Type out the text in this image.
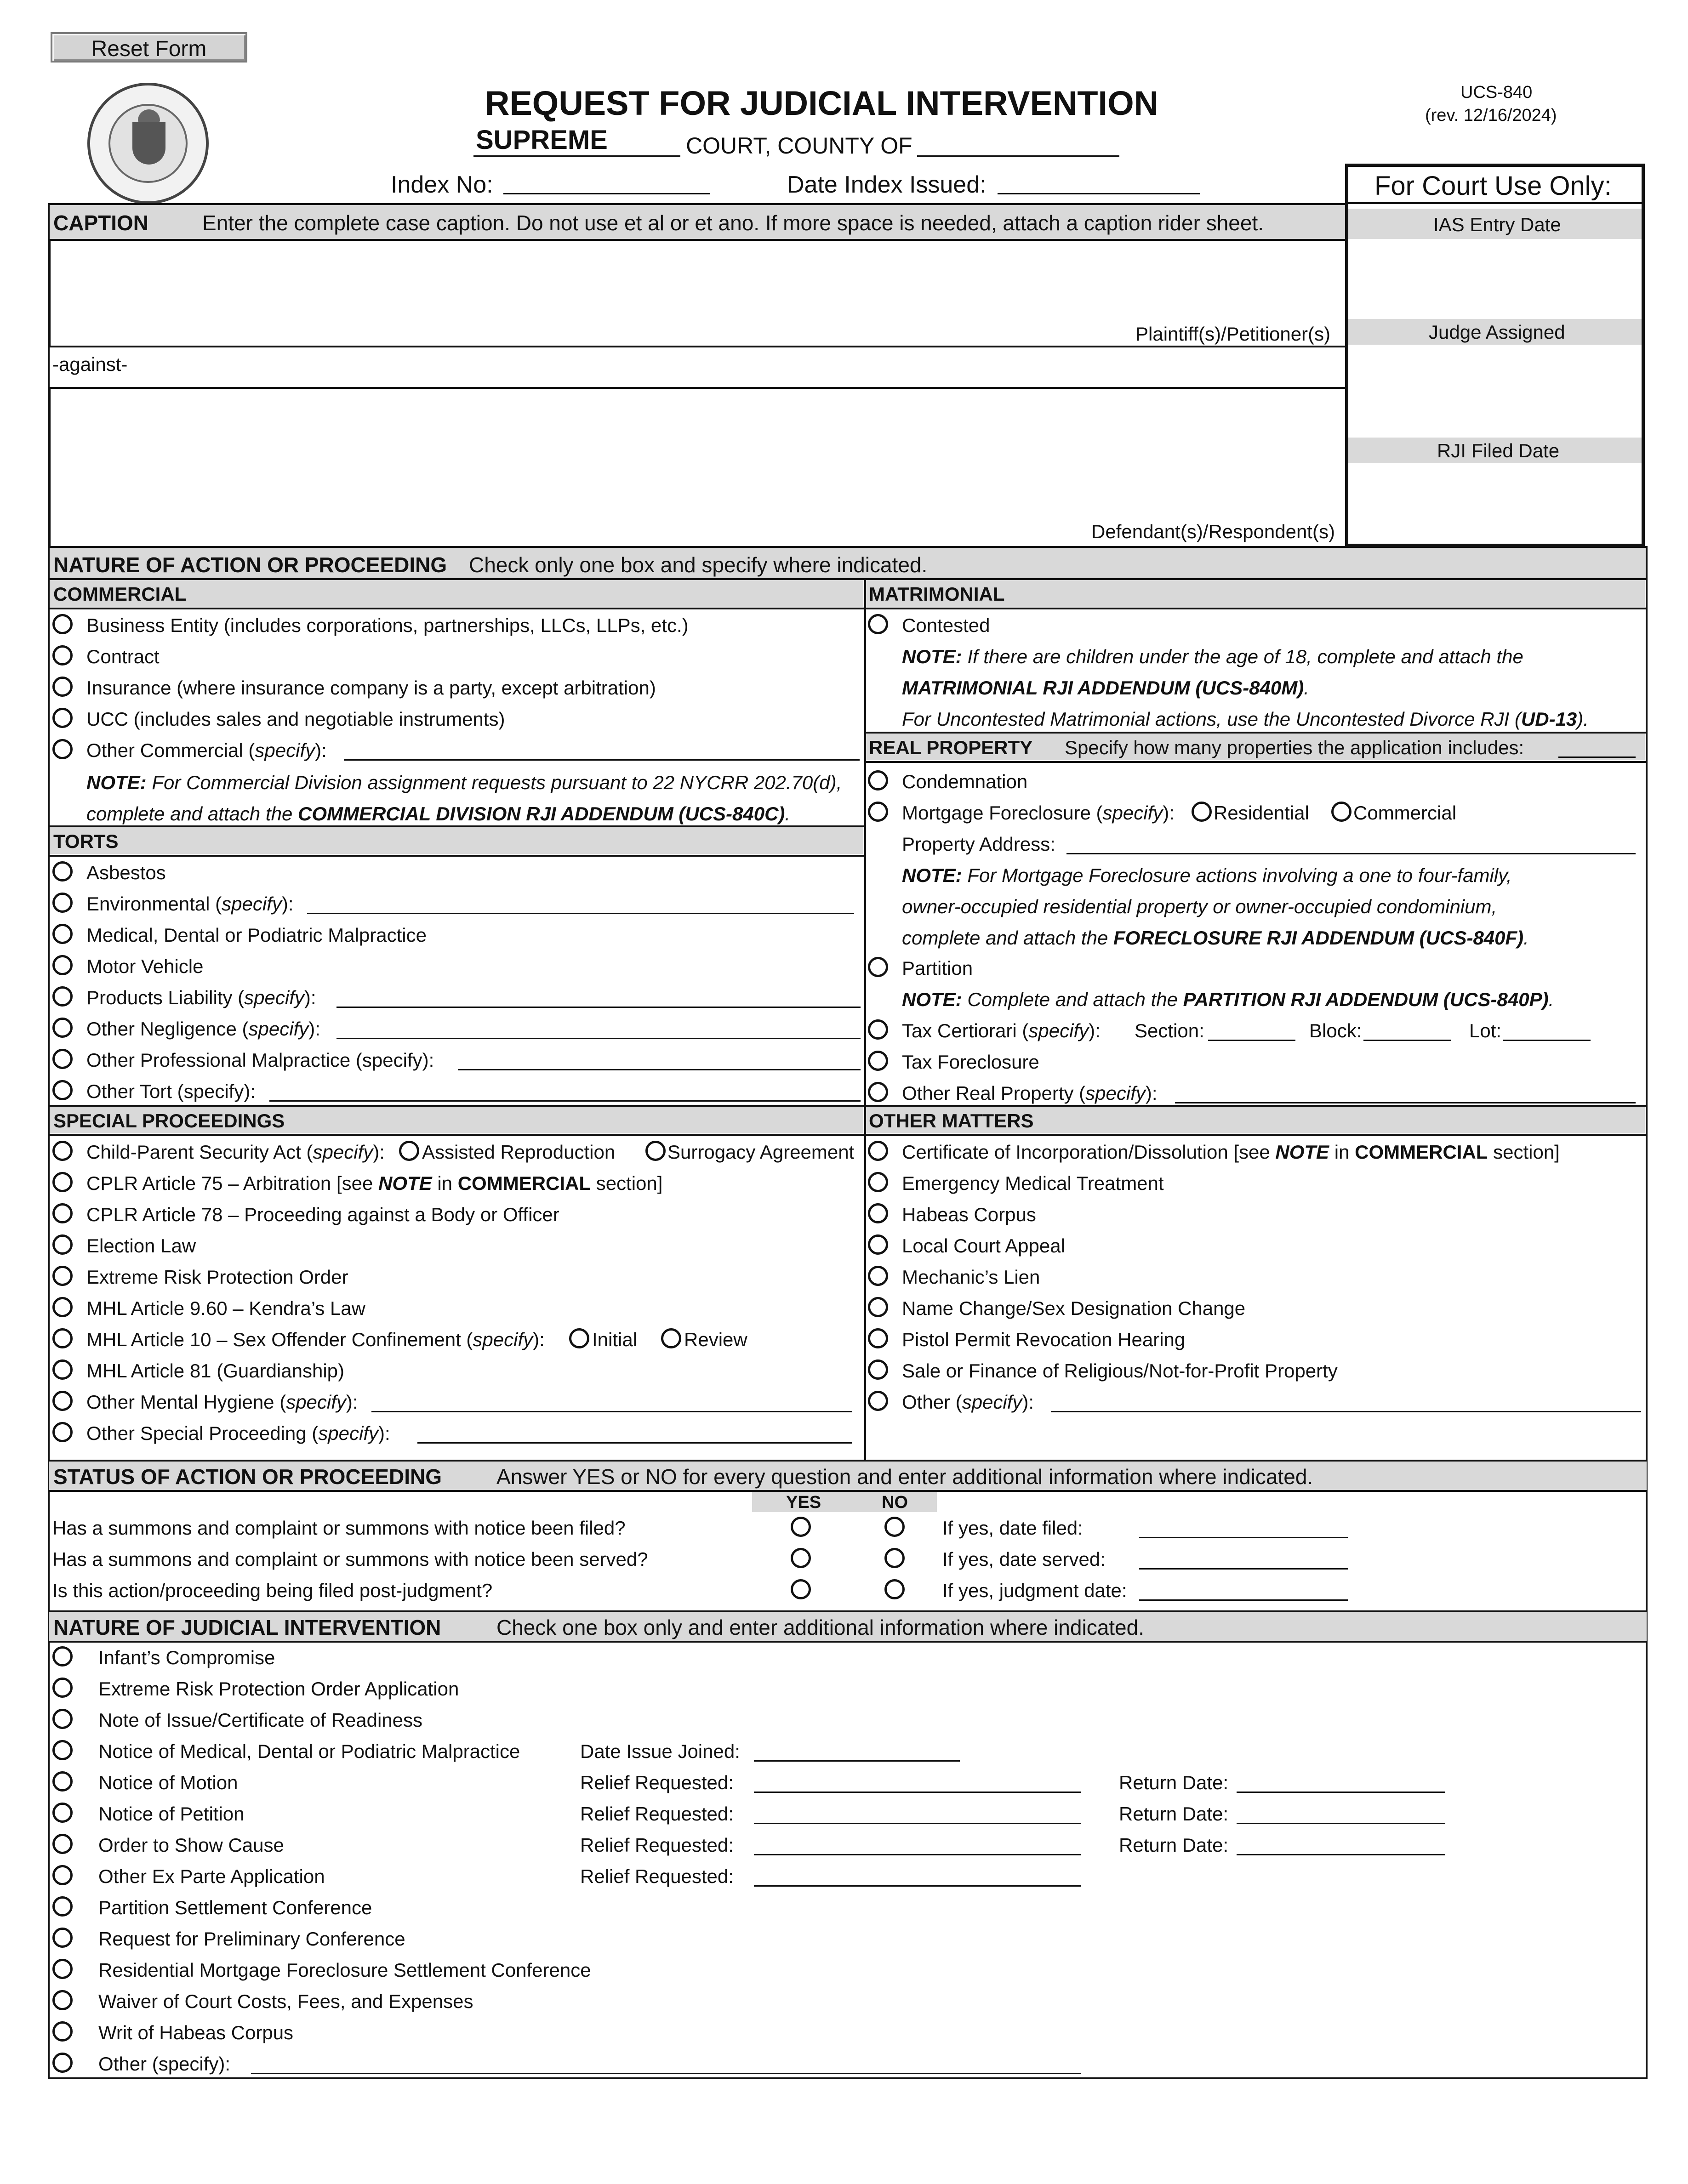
Reset Form
REQUEST FOR JUDICIAL INTERVENTION	UCS-840
(rev. 12/16/2024)
SUPREME	COURT, COUNTY OF
Index No:	Date Index Issued:	For Court Use Only:
IAS Entry Date
Judge Assigned
RJI Filed Date
CAPTION	Enter the complete case caption. Do not use et al or et ano. If more space is needed, attach a caption rider sheet.
Plaintiff(s)/Petitioner(s)
-against-
Defendant(s)/Respondent(s)
NATURE OF ACTION OR PROCEEDING Check only one box and specify where indicated.
COMMERCIAL	MATRIMONIAL
Business Entity (includes corporations, partnerships, LLCs, LLPs, etc.)
Contract
Insurance (where insurance company is a party, except arbitration)
UCC (includes sales and negotiable instruments)
Other Commercial (specify):
NOTE: For Commercial Division assignment requests pursuant to 22 NYCRR 202.70(d),
complete and attach the COMMERCIAL DIVISION RJI ADDENDUM (UCS-840C).
TORTS
Asbestos
Environmental (specify):
Medical, Dental or Podiatric Malpractice
Motor Vehicle
Products Liability (specify):
Other Negligence (specify):
Other Professional Malpractice (specify):
Other Tort (specify):
SPECIAL PROCEEDINGS
Child-Parent Security Act (specify): Assisted Reproduction	Surrogacy Agreement
CPLR Article 75 – Arbitration [see NOTE in COMMERCIAL section]
CPLR Article 78 – Proceeding against a Body or Officer
Election Law
Extreme Risk Protection Order
MHL Article 9.60 – Kendra’s Law
MHL Article 10 – Sex Offender Confinement (specify): Initial Review
MHL Article 81 (Guardianship)
Other Mental Hygiene (specify):
Other Special Proceeding (specify):
Contested
NOTE: If there are children under the age of 18, complete and attach the
MATRIMONIAL RJI ADDENDUM (UCS-840M).
For Uncontested Matrimonial actions, use the Uncontested Divorce RJI (UD-13).
REAL PROPERTY Specify how many properties the application includes:
Condemnation
Mortgage Foreclosure (specify): Residential Commercial
Property Address:
NOTE: For Mortgage Foreclosure actions involving a one to four-family,
owner-occupied residential property or owner-occupied condominium,
complete and attach the FORECLOSURE RJI ADDENDUM (UCS-840F).
Partition
NOTE: Complete and attach the PARTITION RJI ADDENDUM (UCS-840P).
Tax Certiorari (specify): Section:	Block:	Lot:
Tax Foreclosure
Other Real Property (specify):
OTHER MATTERS
Certificate of Incorporation/Dissolution [see NOTE in COMMERCIAL section]
Emergency Medical Treatment
Habeas Corpus
Local Court Appeal
Mechanic’s Lien
Name Change/Sex Designation Change
Pistol Permit Revocation Hearing
Sale or Finance of Religious/Not-for-Profit Property
Other (specify):
STATUS OF ACTION OR PROCEEDING	Answer YES or NO for every question and enter additional information where indicated.
YES	NO
Has a summons and complaint or summons with notice been filed?	If yes, date filed:
Has a summons and complaint or summons with notice been served?	If yes, date served:
Is this action/proceeding being filed post-judgment?	If yes, judgment date:
NATURE OF JUDICIAL INTERVENTION	Check one box only and enter additional information where indicated.
Infant’s Compromise
Extreme Risk Protection Order Application
Note of Issue/Certificate of Readiness
Notice of Medical, Dental or Podiatric Malpractice	Date Issue Joined:
Notice of Motion	Relief Requested:	Return Date:
Notice of Petition	Relief Requested:	Return Date:
Order to Show Cause	Relief Requested:	Return Date:
Other Ex Parte Application	Relief Requested:
Partition Settlement Conference
Request for Preliminary Conference
Residential Mortgage Foreclosure Settlement Conference
Waiver of Court Costs, Fees, and Expenses
Writ of Habeas Corpus
Other (specify):
